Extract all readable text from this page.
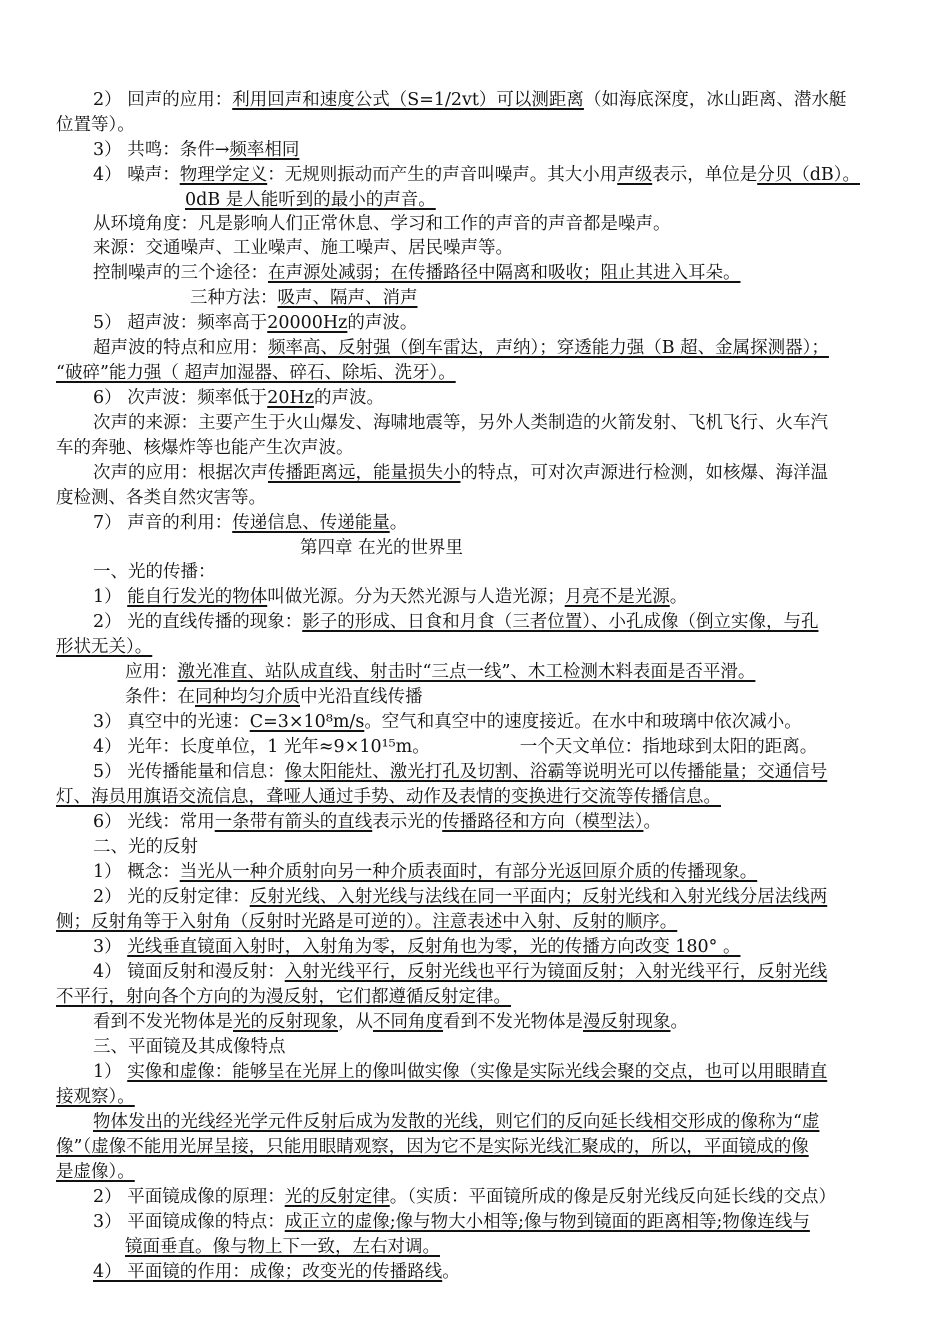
2） 回声的应用：利用回声和速度公式（S=1/2vt）可以测距离（如海底深度，冰山距离、潜水艇
位置等）。
3） 共鸣：条件→频率相同
4） 噪声：物理学定义：无规则振动而产生的声音叫噪声。其大小用声级表示，单位是分贝（dB）。
0dB 是人能听到的最小的声音。
从环境角度：凡是影响人们正常休息、学习和工作的声音的声音都是噪声。
来源：交通噪声、工业噪声、施工噪声、居民噪声等。
控制噪声的三个途径：在声源处减弱；在传播路径中隔离和吸收；阻止其进入耳朵。
三种方法：吸声、隔声、消声
5） 超声波：频率高于20000Hz的声波。
超声波的特点和应用：频率高、反射强（倒车雷达，声纳）；穿透能力强（B 超、金属探测器）；
“破碎”能力强（ 超声加湿器、碎石、除垢、洗牙）。
6） 次声波：频率低于20Hz的声波。
次声的来源：主要产生于火山爆发、海啸地震等，另外人类制造的火箭发射、飞机飞行、火车汽
车的奔驰、核爆炸等也能产生次声波。
次声的应用：根据次声传播距离远，能量损失小的特点，可对次声源进行检测，如核爆、海洋温
度检测、各类自然灾害等。
7） 声音的利用：传递信息、传递能量。
第四章 在光的世界里
一、光的传播：
1） 能自行发光的物体叫做光源。分为天然光源与人造光源；月亮不是光源。
2） 光的直线传播的现象：影子的形成、日食和月食（三者位置）、小孔成像（倒立实像，与孔
形状无关）。
应用：激光准直、站队成直线、射击时“三点一线”、木工检测木料表面是否平滑。
条件：在同种均匀介质中光沿直线传播
3） 真空中的光速：C=3×10⁸m/s。空气和真空中的速度接近。在水中和玻璃中依次减小。
4） 光年：长度单位，1 光年≈9×10¹⁵m。	一个天文单位：指地球到太阳的距离。
5） 光传播能量和信息：像太阳能灶、激光打孔及切割、浴霸等说明光可以传播能量；交通信号
灯、海员用旗语交流信息，聋哑人通过手势、动作及表情的变换进行交流等传播信息。
6） 光线：常用一条带有箭头的直线表示光的传播路径和方向（模型法）。
二、光的反射
1） 概念：当光从一种介质射向另一种介质表面时，有部分光返回原介质的传播现象。
2） 光的反射定律：反射光线、入射光线与法线在同一平面内；反射光线和入射光线分居法线两
侧；反射角等于入射角（反射时光路是可逆的）。注意表述中入射、反射的顺序。
3） 光线垂直镜面入射时，入射角为零，反射角也为零，光的传播方向改变 180° 。
4） 镜面反射和漫反射：入射光线平行，反射光线也平行为镜面反射；入射光线平行，反射光线
不平行，射向各个方向的为漫反射，它们都遵循反射定律。
看到不发光物体是光的反射现象，从不同角度看到不发光物体是漫反射现象。
三、平面镜及其成像特点
1） 实像和虚像：能够呈在光屏上的像叫做实像（实像是实际光线会聚的交点，也可以用眼睛直
接观察）。
物体发出的光线经光学元件反射后成为发散的光线，则它们的反向延长线相交形成的像称为“虚
像”（虚像不能用光屏呈接，只能用眼睛观察，因为它不是实际光线汇聚成的，所以，平面镜成的像
是虚像）。
2） 平面镜成像的原理：光的反射定律。（实质：平面镜所成的像是反射光线反向延长线的交点）
3） 平面镜成像的特点：成正立的虚像;像与物大小相等;像与物到镜面的距离相等;物像连线与
镜面垂直。像与物上下一致，左右对调。
4） 平面镜的作用：成像；改变光的传播路线。
